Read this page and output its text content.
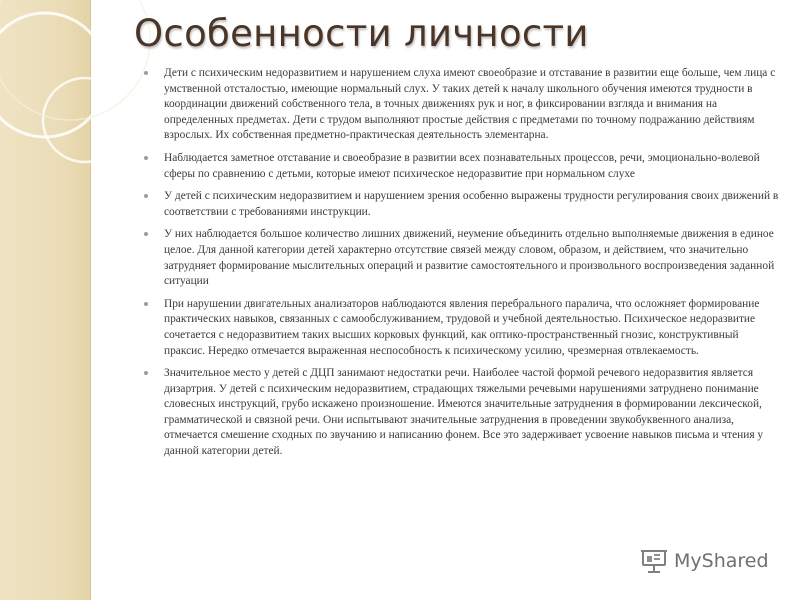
Особенности личности
Дети с психическим недоразвитием и нарушением слуха имеют своеобразие и отставание в развитии еще больше, чем лица с умственной отсталостью, имеющие нормальный слух. У таких детей к началу школьного обучения имеются трудности в координации движений собственного тела, в точных движениях рук и ног, в фиксировании взгляда и внимания на определенных предметах. Дети с трудом выполняют простые действия с предметами по точному подражанию действиям взрослых. Их собственная предметно-практическая деятельность элементарна.
Наблюдается заметное отставание и своеобразие в развитии всех познавательных процессов, речи, эмоционально-волевой сферы по сравнению с детьми, которые имеют психическое недоразвитие при нормальном слухе
У детей с психическим недоразвитием и нарушением зрения особенно выражены трудности регулирования своих движений в соответствии с требованиями инструкции.
У них наблюдается большое количество лишних движений, неумение объединить отдельно выполняемые движения в единое целое. Для данной категории детей характерно отсутствие связей между словом, образом, и действием, что значительно затрудняет формирование мыслительных операций и развитие самостоятельного и произвольного воспроизведения заданной ситуации
При нарушении двигательных анализаторов наблюдаются явления перебрального паралича, что осложняет формирование практических навыков, связанных с самообслуживанием, трудовой и учебной деятельностью. Психическое недоразвитие сочетается с недоразвитием таких высших корковых функций, как оптико-пространственный гнозис, конструктивный праксис. Нередко отмечается выраженная неспособность к психическому усилию, чрезмерная отвлекаемость.
Значительное место у детей с ДЦП занимают недостатки речи. Наиболее частой формой речевого недоразвития является дизартрия. У детей с психическим недоразвитием, страдающих тяжелыми речевыми нарушениями затруднено понимание словесных инструкций, грубо искажено произношение. Имеются значительные затруднения в формировании лексической, грамматической и связной речи. Они испытывают значительные затруднения в проведении звукобуквенного анализа, отмечается смешение сходных по звучанию и написанию фонем. Все это задерживает усвоение навыков письма и чтения у данной категории детей.
MyShared
